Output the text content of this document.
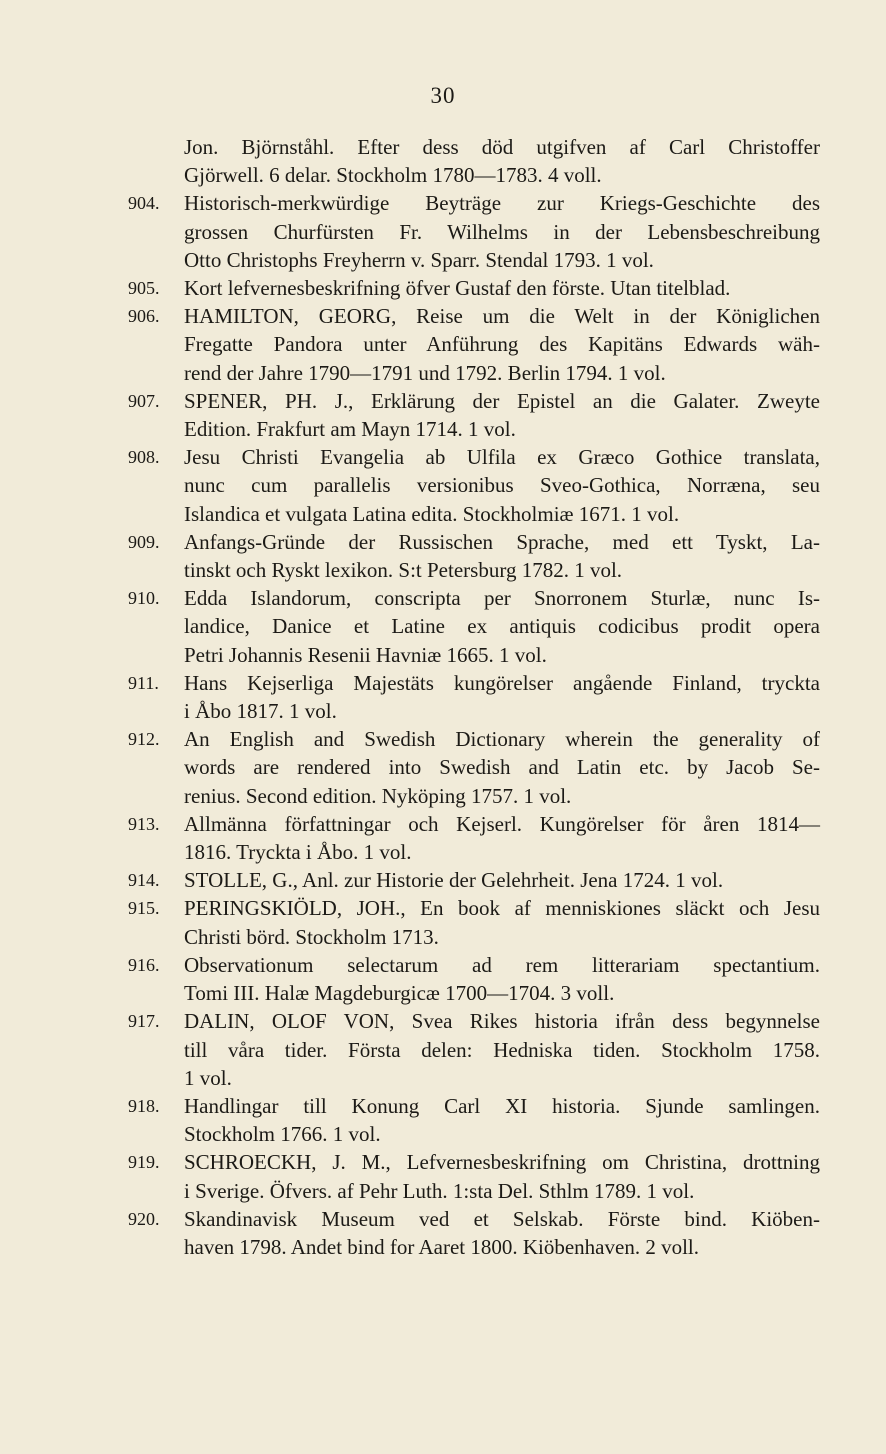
30
Jon. Björnståhl. Efter dess död utgifven af Carl Christoffer
Gjörwell. 6 delar. Stockholm 1780—1783. 4 voll.
904.	Historisch-merkwürdige Beyträge zur Kriegs-Geschichte des
grossen Churfürsten Fr. Wilhelms in der Lebensbeschreibung
Otto Christophs Freyherrn v. Sparr. Stendal 1793. 1 vol.
905.	Kort lefvernesbeskrifning öfver Gustaf den förste. Utan titelblad.
906.	HAMILTON, GEORG, Reise um die Welt in der Königlichen
Fregatte Pandora unter Anführung des Kapitäns Edwards wäh-
rend der Jahre 1790—1791 und 1792. Berlin 1794. 1 vol.
907.	SPENER, PH. J., Erklärung der Epistel an die Galater. Zweyte
Edition. Frakfurt am Mayn 1714. 1 vol.
908.	Jesu Christi Evangelia ab Ulfila ex Græco Gothice translata,
nunc cum parallelis versionibus Sveo-Gothica, Norræna, seu
Islandica et vulgata Latina edita. Stockholmiæ 1671. 1 vol.
909.	Anfangs-Gründe der Russischen Sprache, med ett Tyskt, La-
tinskt och Ryskt lexikon. S:t Petersburg 1782. 1 vol.
910.	Edda Islandorum, conscripta per Snorronem Sturlæ, nunc Is-
landice, Danice et Latine ex antiquis codicibus prodit opera
Petri Johannis Resenii Havniæ 1665. 1 vol.
911.	Hans Kejserliga Majestäts kungörelser angående Finland, tryckta
i Åbo 1817. 1 vol.
912.	An English and Swedish Dictionary wherein the generality of
words are rendered into Swedish and Latin etc. by Jacob Se-
renius. Second edition. Nyköping 1757. 1 vol.
913.	Allmänna författningar och Kejserl. Kungörelser för åren 1814—
1816. Tryckta i Åbo. 1 vol.
914.	STOLLE, G., Anl. zur Historie der Gelehrheit. Jena 1724. 1 vol.
915.	PERINGSKIÖLD, JOH., En book af menniskiones släckt och Jesu
Christi börd. Stockholm 1713.
916.	Observationum selectarum ad rem litterariam spectantium.
Tomi III. Halæ Magdeburgicæ 1700—1704. 3 voll.
917.	DALIN, OLOF VON, Svea Rikes historia ifrån dess begynnelse
till våra tider. Första delen: Hedniska tiden. Stockholm 1758.
1 vol.
918.	Handlingar till Konung Carl XI historia. Sjunde samlingen.
Stockholm 1766. 1 vol.
919.	SCHROECKH, J. M., Lefvernesbeskrifning om Christina, drottning
i Sverige. Öfvers. af Pehr Luth. 1:sta Del. Sthlm 1789. 1 vol.
920.	Skandinavisk Museum ved et Selskab. Förste bind. Kiöben-
haven 1798. Andet bind for Aaret 1800. Kiöbenhaven. 2 voll.
